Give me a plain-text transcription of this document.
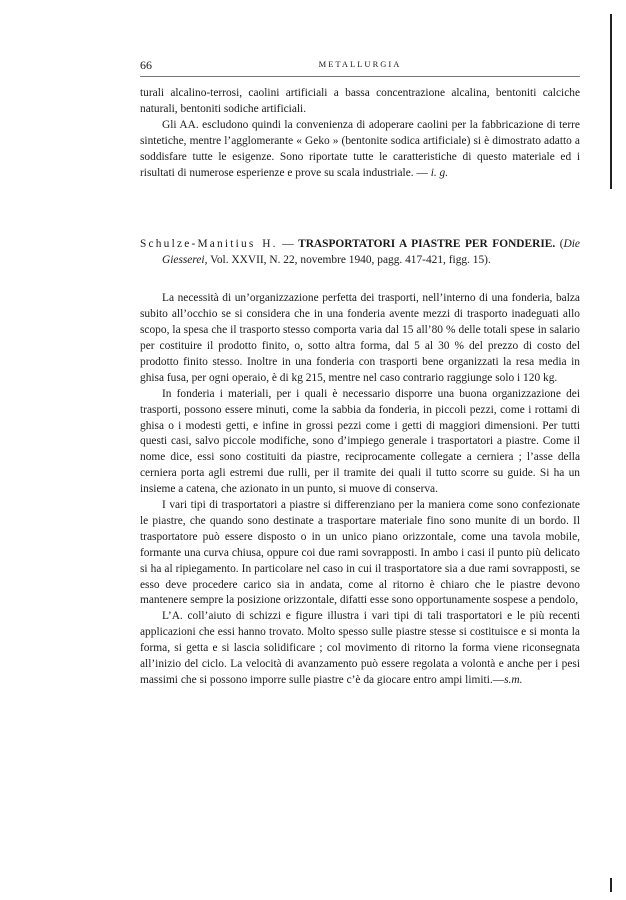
66	METALLURGIA

turali alcalino-terrosi, caolini artificiali a bassa concentrazione alcalina, bentoniti calciche naturali, bentoniti sodiche artificiali.

Gli AA. escludono quindi la convenienza di adoperare caolini per la fabbricazione di terre sintetiche, mentre l’agglomerante « Geko » (bentonite sodica artificiale) si è dimostrato adatto a soddisfare tutte le esigenze. Sono riportate tutte le caratteristiche di questo materiale ed i risultati di numerose esperienze e prove su scala industriale. — i. g.

Schulze-Manitius H. — TRASPORTATORI A PIASTRE PER FONDERIE. (Die Giesserei, Vol. XXVII, N. 22, novembre 1940, pagg. 417-421, figg. 15).

La necessità di un’organizzazione perfetta dei trasporti, nell’interno di una fonderia, balza subito all’occhio se si considera che in una fonderia avente mezzi di trasporto inadeguati allo scopo, la spesa che il trasporto stesso comporta varia dal 15 all’80 % delle totali spese in salario per costituire il prodotto finito, o, sotto altra forma, dal 5 al 30 % del prezzo di costo del prodotto finito stesso. Inoltre in una fonderia con trasporti bene organizzati la resa media in ghisa fusa, per ogni operaio, è di kg 215, mentre nel caso contrario raggiunge solo i 120 kg.

In fonderia i materiali, per i quali è necessario disporre una buona organizzazione dei trasporti, possono essere minuti, come la sabbia da fonderia, in piccoli pezzi, come i rottami di ghisa o i modesti getti, e infine in grossi pezzi come i getti di maggiori dimensioni. Per tutti questi casi, salvo piccole modifiche, sono d’impiego generale i trasportatori a piastre. Come il nome dice, essi sono costituiti da piastre, reciprocamente collegate a cerniera ; l’asse della cerniera porta agli estremi due rulli, per il tramite dei quali il tutto scorre su guide. Si ha un insieme a catena, che azionato in un punto, si muove di conserva.

I vari tipi di trasportatori a piastre si differenziano per la maniera come sono confezionate le piastre, che quando sono destinate a trasportare materiale fino sono munite di un bordo. Il trasportatore può essere disposto o in un unico piano orizzontale, come una tavola mobile, formante una curva chiusa, oppure coi due rami sovrapposti. In ambo i casi il punto più delicato si ha al ripiegamento. In particolare nel caso in cui il trasportatore sia a due rami sovrapposti, se esso deve procedere carico sia in andata, come al ritorno è chiaro che le piastre devono mantenere sempre la posizione orizzontale, difatti esse sono opportunamente sospese a pendolo,

L’A. coll’aiuto di schizzi e figure illustra i vari tipi di tali trasportatori e le più recenti applicazioni che essi hanno trovato. Molto spesso sulle piastre stesse si costituisce e si monta la forma, si getta e si lascia solidificare ; col movimento di ritorno la forma viene riconsegnata all’inizio del ciclo. La velocità di avanzamento può essere regolata a volontà e anche per i pesi massimi che si possono imporre sulle piastre c’è da giocare entro ampi limiti.—s.m.
